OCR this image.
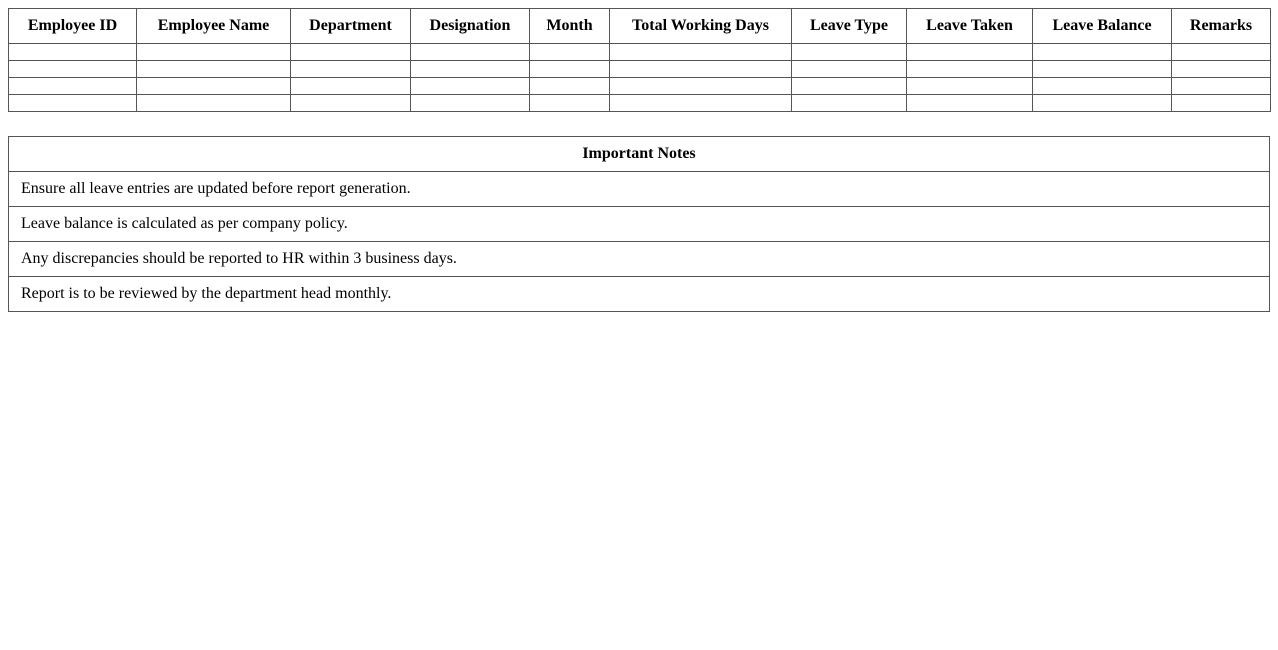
Employee ID	Employee Name	Department	Designation	Month	Total Working Days	Leave Type	Leave Taken	Leave Balance	Remarks

Important Notes
Ensure all leave entries are updated before report generation.
Leave balance is calculated as per company policy.
Any discrepancies should be reported to HR within 3 business days.
Report is to be reviewed by the department head monthly.
